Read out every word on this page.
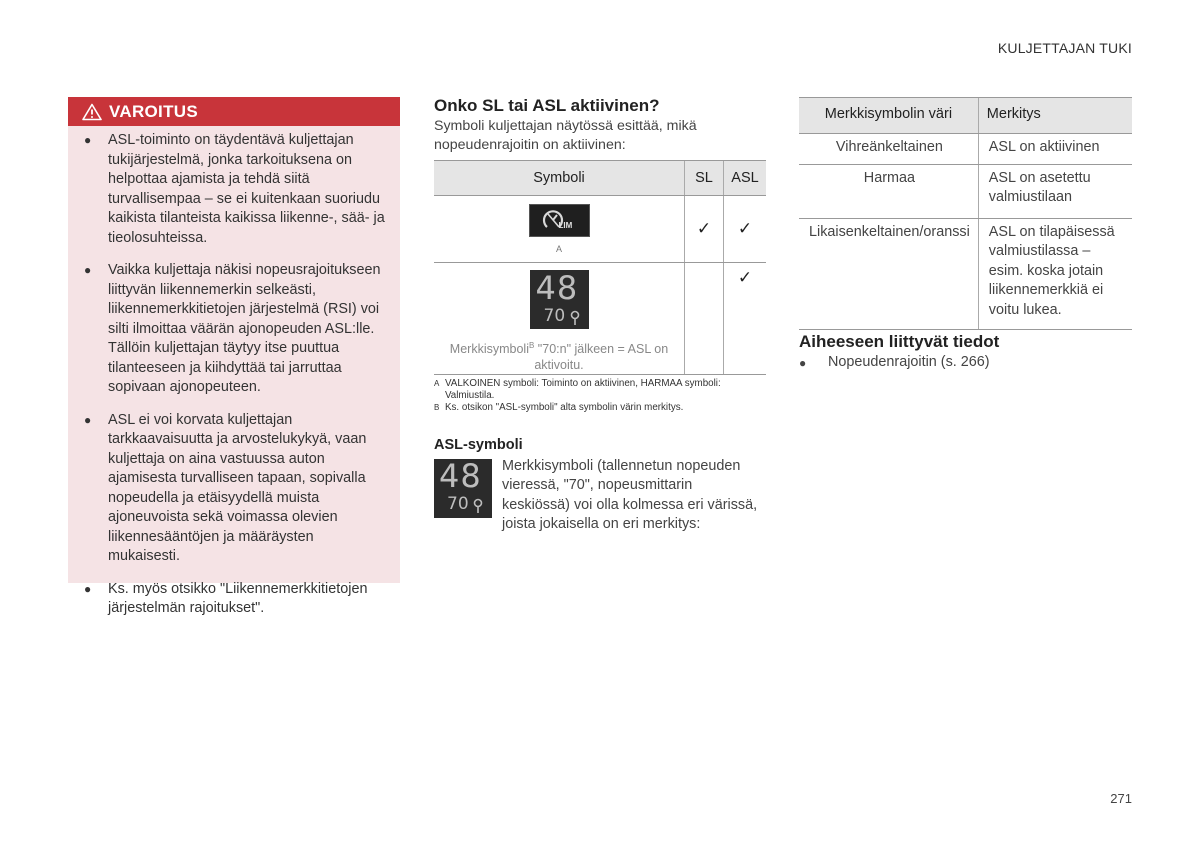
KULJETTAJAN TUKI
VAROITUS
● ASL-toiminto on täydentävä kuljettajan tukijärjestelmä, jonka tarkoituksena on helpottaa ajamista ja tehdä siitä turvallisempaa – se ei kuitenkaan suoriudu kaikista tilanteista kaikissa liikenne-, sää- ja tieolosuhteissa.
● Vaikka kuljettaja näkisi nopeusrajoitukseen liittyvän liikennemerkin selkeästi, liikennemerkkitietojen järjestelmä (RSI) voi silti ilmoittaa väärän ajonopeuden ASL:lle. Tällöin kuljettajan täytyy itse puuttua tilanteeseen ja kiihdyttää tai jarruttaa sopivaan ajonopeuteen.
● ASL ei voi korvata kuljettajan tarkkaavaisuutta ja arvostelukykyä, vaan kuljettaja on aina vastuussa auton ajamisesta turvalliseen tapaan, sopivalla nopeudella ja etäisyydellä muista ajoneuvoista sekä voimassa olevien liikennesääntöjen ja määräysten mukaisesti.
● Ks. myös otsikko "Liikennemerkkitietojen järjestelmän rajoitukset".
Onko SL tai ASL aktiivinen?
Symboli kuljettajan näytössä esittää, mikä nopeudenrajoitin on aktiivinen:
Symboli	SL	ASL

LIM
A	✓	✓

48
70
Merkkisymboli$^B$ "70:n" jälkeen = ASL on aktivoitu.		✓
A VALKOINEN symboli: Toiminto on aktiivinen, HARMAA symboli: Valmiustila.
B Ks. otsikon "ASL-symboli" alta symbolin värin merkitys.
ASL-symboli
48
70
Merkkisymboli (tallennetun nopeuden vieressä, "70", nopeusmittarin keskiössä) voi olla kolmessa eri värissä, joista jokaisella on eri merkitys:
Merkkisymbolin väri	Merkitys
Vihreänkeltainen	ASL on aktiivinen
Harmaa	ASL on asetettu valmiustilaan
Likaisenkeltainen/oranssi	ASL on tilapäisessä valmiustilassa – esim. koska jotain liikennemerkkiä ei voitu lukea.
Aiheeseen liittyvät tiedot
●	Nopeudenrajoitin (s. 266)
271
